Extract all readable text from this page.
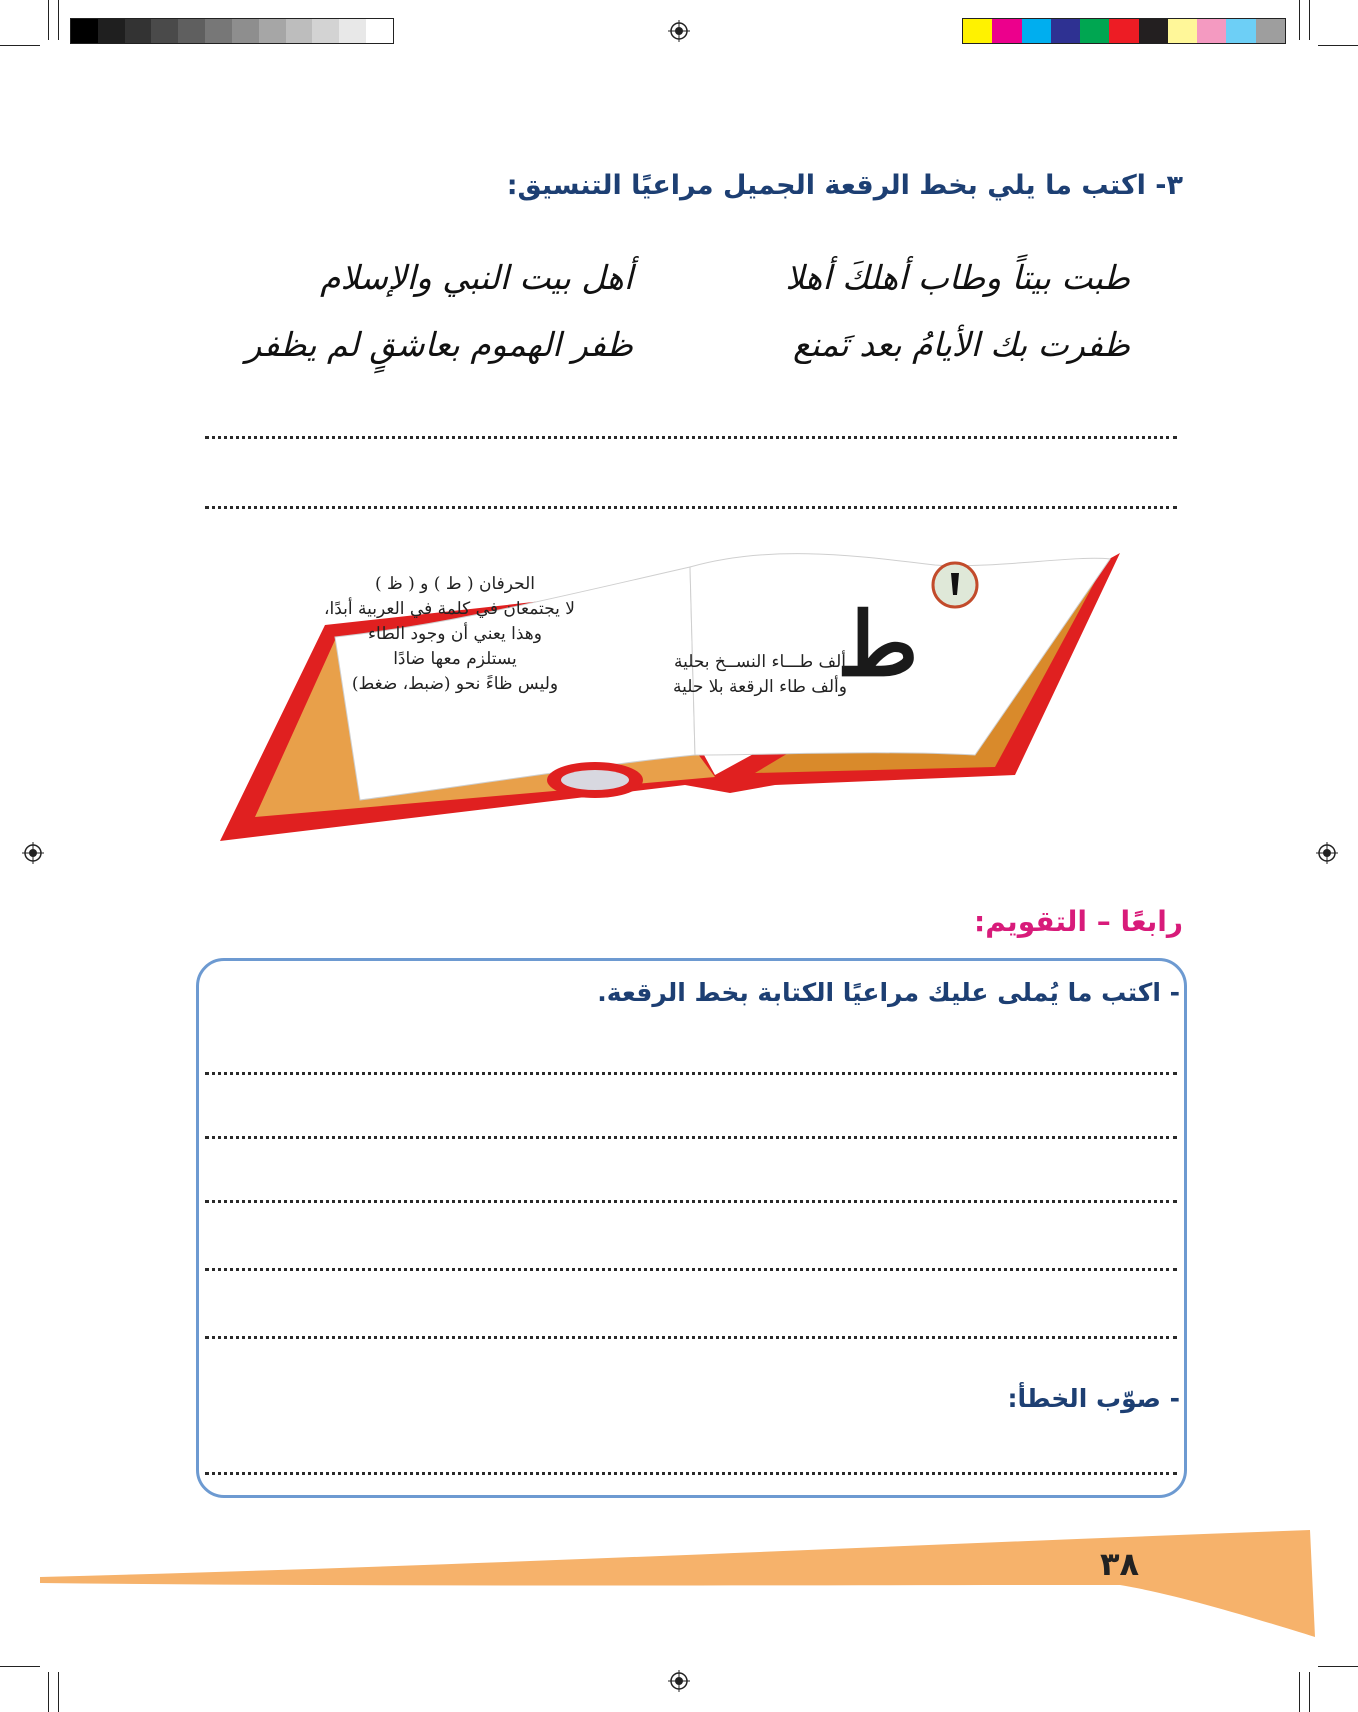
٣- اكتب ما يلي بخط الرقعة الجميل مراعيًا التنسيق:
طبت بيتاً وطاب أهلكَ أهلا
أهل بيت النبي والإسلام
ظفرت بك الأيامُ بعد تَمنع
ظفر الهموم بعاشقٍ لم يظفر
ط
الحرفان ( ط ) و ( ظ )
لا يجتمعان في كلمة في العربية أبدًا،
وهذا يعني أن وجود الطاء
يستلزم معها ضادًا
وليس ظاءً نحو (ضبط، ضغط)
ألف طـــاء النســخ بحلية
وألف طاء الرقعة بلا حلية
رابعًا – التقويم:
- اكتب ما يُملى عليك مراعيًا الكتابة بخط الرقعة.
- صوّب الخطأ:
٣٨
